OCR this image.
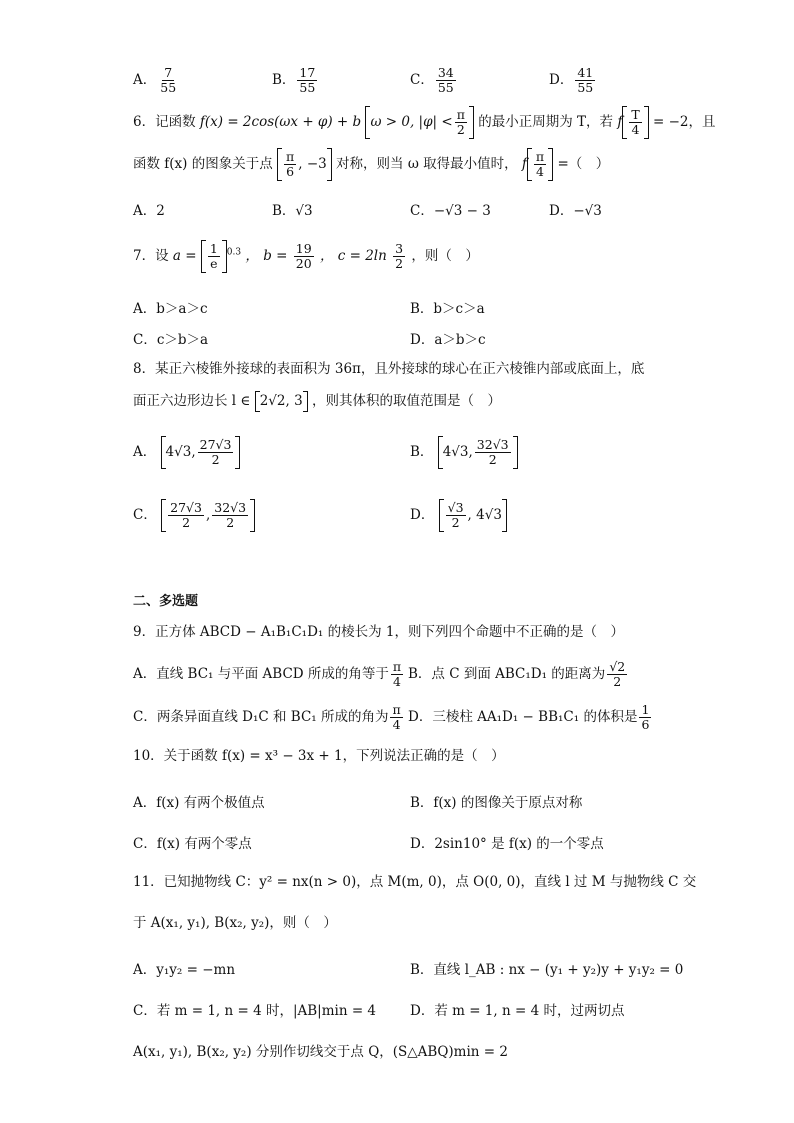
A． $\frac{7}{55}$	B． $\frac{17}{55}$	C． $\frac{34}{55}$	D． $\frac{41}{55}$
6．记函数 f(x) = 2cos(ωx + φ) + b ω > 0, $|\varphi| < \frac{\pi}{2}$ 的最小正周期为 T，若 f $\frac{T}{4} = -2$，且
函数 f(x) 的图象关于点 $\frac{\pi}{6}$ , −3 对称，则当 ω 取得最小值时， f $\frac{\pi}{4}$ =（　）
A．2	B．√3	C．−√3 − 3	D．−√3
7．设 $a = \frac{1}{e} ^{0.3}$ ， $b = \frac{19}{20}$ ， $c = 2\ln \frac{3}{2}$ ，则（　）
A．b＞a＞c	B．b＞c＞a
C．c＞b＞a	D．a＞b＞c
8．某正六棱锥外接球的表面积为 36π，且外接球的球心在正六棱锥内部或底面上，底
面正六边形边长 l ∈ 2√2, 3 ，则其体积的取值范围是（　）
A． 4√3, $\frac{27√3}{2}$	B． 4√3, $\frac{32√3}{2}$
C． $\frac{27√3}{2}$ , $\frac{32√3}{2}$	D． $\frac{√3}{2}$ , 4√3
二、多选题
9．正方体 ABCD − A₁B₁C₁D₁ 的棱长为 1，则下列四个命题中不正确的是（　）
A．直线 BC₁ 与平面 ABCD 所成的角等于 $\frac{\pi}{4}$ B．点 C 到面 ABC₁D₁ 的距离为 $\frac{√2}{2}$
C．两条异面直线 D₁C 和 BC₁ 所成的角为 $\frac{\pi}{4}$ D．三棱柱 AA₁D₁ − BB₁C₁ 的体积是 $\frac{1}{6}$
10．关于函数 f(x) = x³ − 3x + 1，下列说法正确的是（　）
A．f(x) 有两个极值点	B．f(x) 的图像关于原点对称
C．f(x) 有两个零点	D．2sin10° 是 f(x) 的一个零点
11．已知抛物线 C：y² = nx(n > 0)，点 M(m, 0)，点 O(0, 0)，直线 l 过 M 与抛物线 C 交
于 A(x₁, y₁), B(x₂, y₂)，则（　）
A．y₁y₂ = −mn	B．直线 l_AB : nx − (y₁ + y₂)y + y₁y₂ = 0
C．若 m = 1, n = 4 时，|AB|min = 4	D．若 m = 1, n = 4 时，过两切点
A(x₁, y₁), B(x₂, y₂) 分别作切线交于点 Q，(S△ABQ)min = 2
